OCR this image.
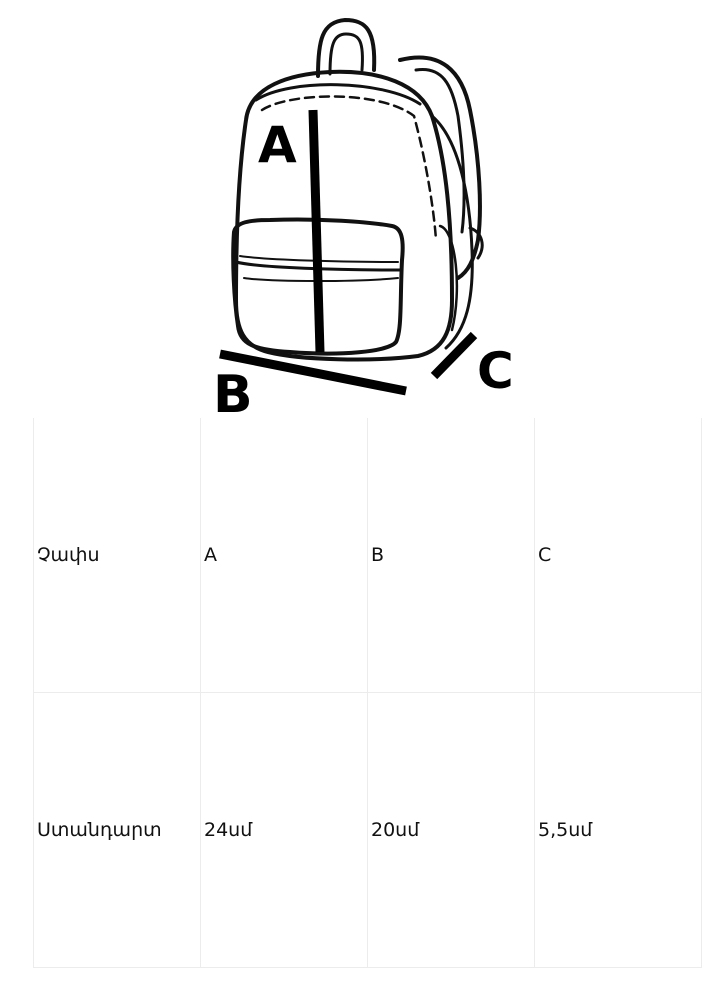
A
B	C
Չափս	A	B	C
Ստանդարտ	24սմ	20սմ	5,5սմ
